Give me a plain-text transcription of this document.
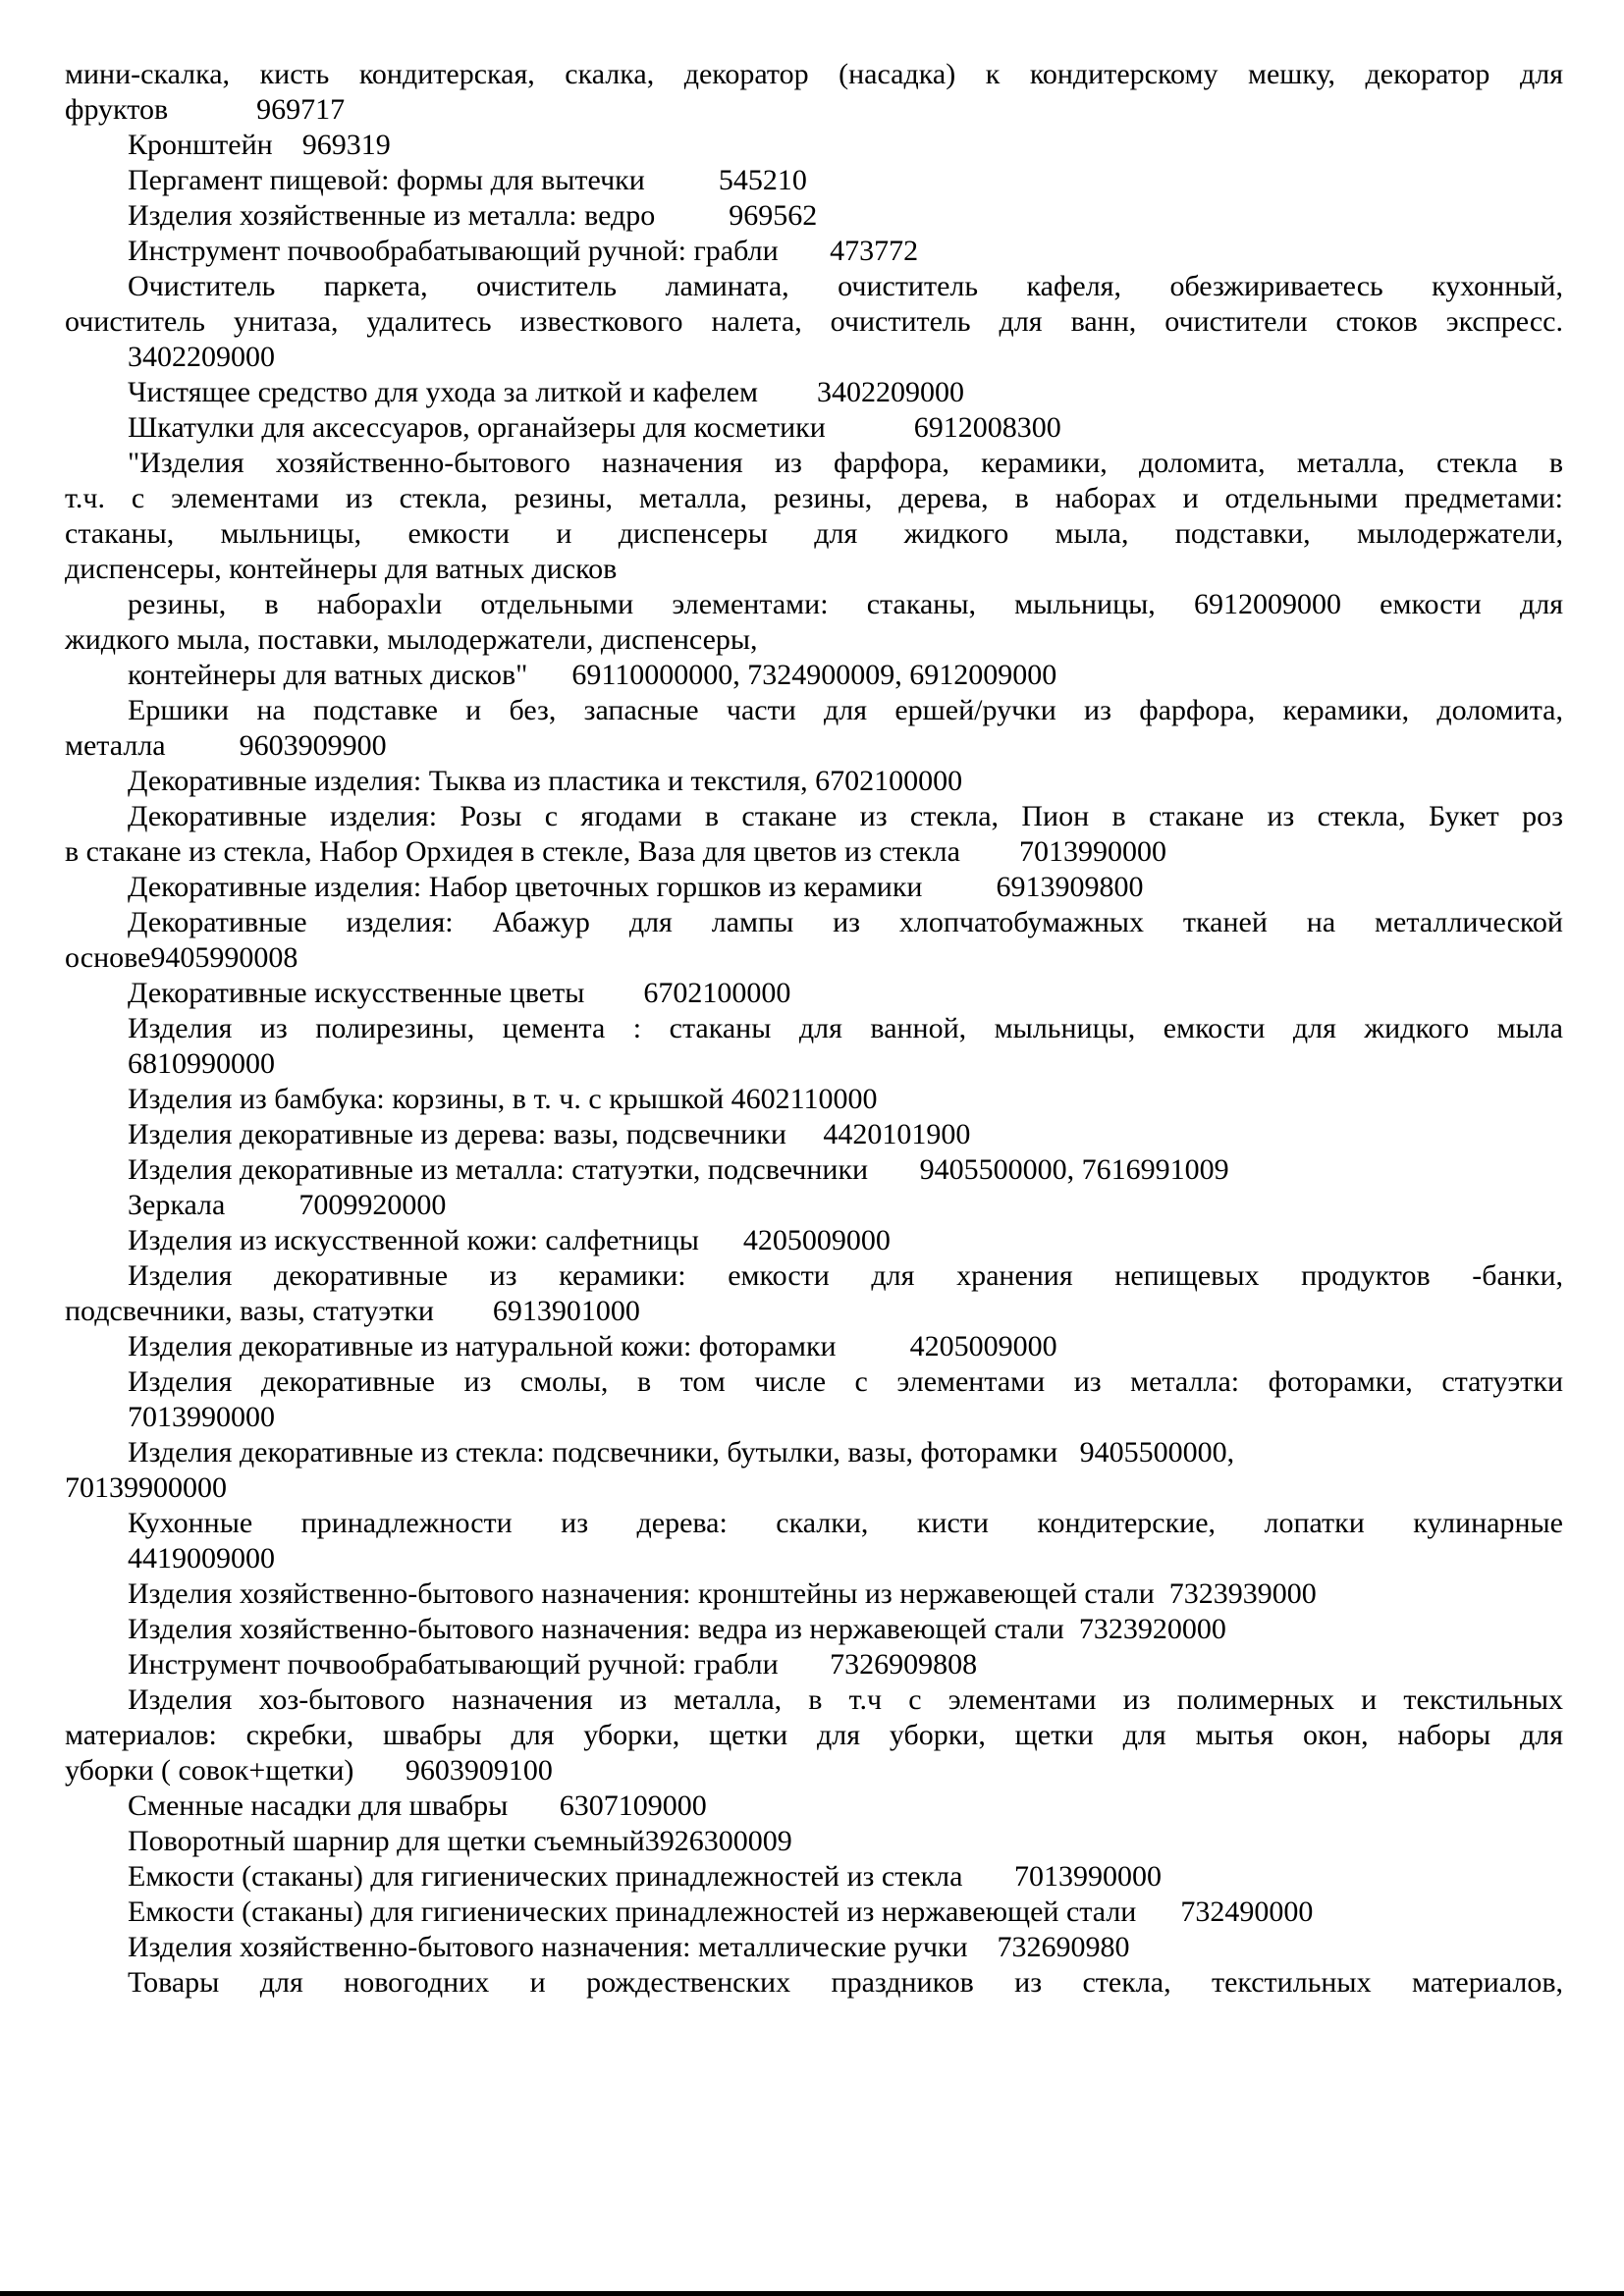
мини-скалка, кисть кондитерская, скалка, декоратор (насадка) к кондитерскому мешку, декоратор для
фруктов            969717
Кронштейн    969319
Пергамент пищевой: формы для вытечки          545210
Изделия хозяйственные из металла: ведро          969562
Инструмент почвообрабатывающий ручной: грабли       473772
Очиститель паркета, очиститель ламината, очиститель кафеля, обезжириваетесь кухонный,
очиститель унитаза, удалитесь известкового налета, очиститель для ванн, очистители стоков экспресс.
3402209000
Чистящее средство для ухода за литкой и кафелем        3402209000
Шкатулки для аксессуаров, органайзеры для косметики            6912008300
"Изделия хозяйственно-бытового назначения из фарфора, керамики, доломита, металла, стекла в
т.ч. с элементами из стекла, резины, металла, резины, дерева, в наборах и отдельными предметами:
стаканы, мыльницы, емкости и диспенсеры для жидкого мыла, подставки, мылодержатели,
диспенсеры, контейнеры для ватных дисков
резины, в наборахlи отдельными элементами: стаканы, мыльницы, 6912009000 емкости для
жидкого мыла, поставки, мылодержатели, диспенсеры,
контейнеры для ватных дисков"      69110000000, 7324900009, 6912009000
Ершики на подставке и без, запасные части для ершей/ручки из фарфора, керамики, доломита,
металла          9603909900
Декоративные изделия: Тыква из пластика и текстиля, 6702100000
Декоративные изделия: Розы с ягодами в стакане из стекла, Пион в стакане из стекла, Букет роз
в стакане из стекла, Набор Орхидея в стекле, Ваза для цветов из стекла        7013990000
Декоративные изделия: Набор цветочных горшков из керамики          6913909800
Декоративные изделия: Абажур для лампы из хлопчатобумажных тканей на металлической
основе9405990008
Декоративные искусственные цветы        6702100000
Изделия из полирезины, цемента : стаканы для ванной, мыльницы, емкости для жидкого мыла
6810990000
Изделия из бамбука: корзины, в т. ч. с крышкой 4602110000
Изделия декоративные из дерева: вазы, подсвечники     4420101900
Изделия декоративные из металла: статуэтки, подсвечники       9405500000, 7616991009
Зеркала          7009920000
Изделия из искусственной кожи: салфетницы      4205009000
Изделия декоративные из керамики: емкости для хранения непищевых продуктов -банки,
подсвечники, вазы, статуэтки        6913901000
Изделия декоративные из натуральной кожи: фоторамки          4205009000
Изделия декоративные из смолы, в том числе с элементами из металла: фоторамки, статуэтки
7013990000
Изделия декоративные из стекла: подсвечники, бутылки, вазы, фоторамки   9405500000,
70139900000
Кухонные принадлежности из дерева: скалки, кисти кондитерские, лопатки кулинарные
4419009000
Изделия хозяйственно-бытового назначения: кронштейны из нержавеющей стали  7323939000
Изделия хозяйственно-бытового назначения: ведра из нержавеющей стали  7323920000
Инструмент почвообрабатывающий ручной: грабли       7326909808
Изделия хоз-бытового назначения из металла, в т.ч с элементами из полимерных и текстильных
материалов: скребки, швабры для уборки, щетки для уборки, щетки для мытья окон, наборы для
уборки ( совок+щетки)       9603909100
Сменные насадки для швабры       6307109000
Поворотный шарнир для щетки съемный3926300009
Емкости (стаканы) для гигиенических принадлежностей из стекла       7013990000
Емкости (стаканы) для гигиенических принадлежностей из нержавеющей стали      732490000
Изделия хозяйственно-бытового назначения: металлические ручки    732690980
Товары для новогодних и рождественских праздников из стекла, текстильных материалов,
